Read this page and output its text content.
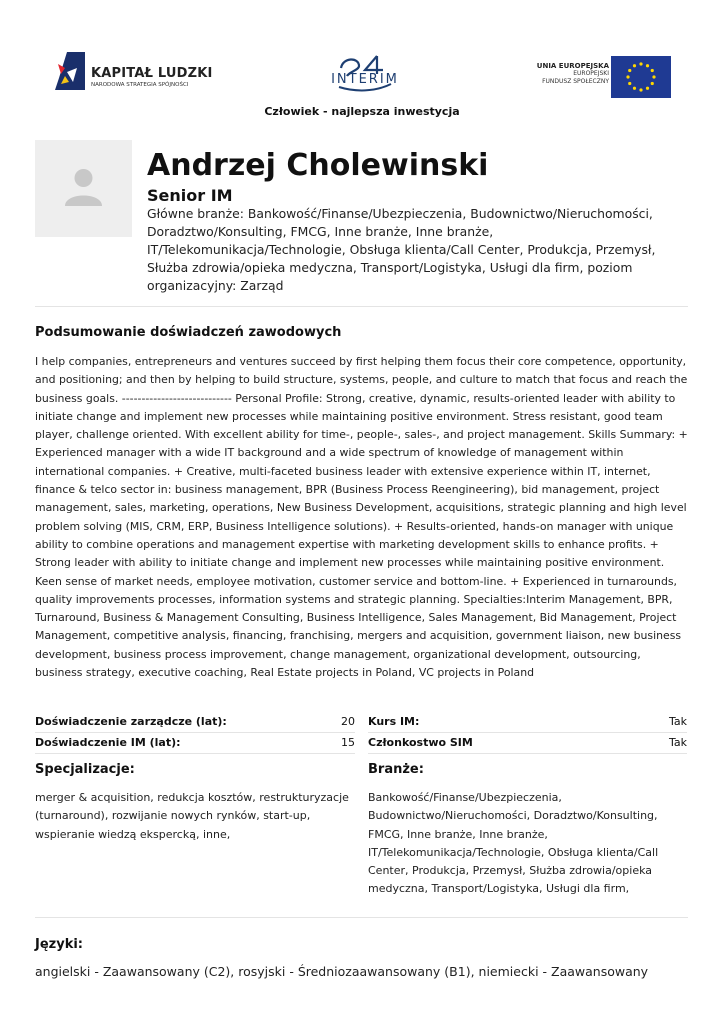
KAPITAŁ LUDZKI
NARODOWA STRATEGIA SPÓJNOŚCI	INTERIM
UNIA EUROPEJSKA
EUROPEJSKI
FUNDUSZ SPOŁECZNY
Człowiek - najlepsza inwestycja
Andrzej Cholewinski
Senior IM
Główne branże: Bankowość/Finanse/Ubezpieczenia, Budownictwo/Nieruchomości, Doradztwo/Konsulting, FMCG, Inne branże, Inne branże, IT/Telekomunikacja/Technologie, Obsługa klienta/Call Center, Produkcja, Przemysł, Służba zdrowia/opieka medyczna, Transport/Logistyka, Usługi dla firm, poziom organizacyjny: Zarząd
Podsumowanie doświadczeń zawodowych
I help companies, entrepreneurs and ventures succeed by first helping them focus their core competence, opportunity, and positioning; and then by helping to build structure, systems, people, and culture to match that focus and reach the business goals. ---------------------------- Personal Profile: Strong, creative, dynamic, results-oriented leader with ability to initiate change and implement new processes while maintaining positive environment. Stress resistant, good team player, challenge oriented. With excellent ability for time-, people-, sales-, and project management. Skills Summary: + Experienced manager with a wide IT background and a wide spectrum of knowledge of management within international companies. + Creative, multi-faceted business leader with extensive experience within IT, internet, finance & telco sector in: business management, BPR (Business Process Reengineering), bid management, project management, sales, marketing, operations, New Business Development, acquisitions, strategic planning and high level problem solving (MIS, CRM, ERP, Business Intelligence solutions). + Results-oriented, hands-on manager with unique ability to combine operations and management expertise with marketing development skills to enhance profits. + Strong leader with ability to initiate change and implement new processes while maintaining positive environment. Keen sense of market needs, employee motivation, customer service and bottom-line. + Experienced in turnarounds, quality improvements processes, information systems and strategic planning. Specialties:Interim Management, BPR, Turnaround, Business & Management Consulting, Business Intelligence, Sales Management, Bid Management, Project Management, competitive analysis, financing, franchising, mergers and acquisition, government liaison, new business development, business process improvement, change management, organizational development, outsourcing, business strategy, executive coaching, Real Estate projects in Poland, VC projects in Poland
Doświadczenie zarządcze (lat):	20
Doświadczenie IM (lat):	15
Kurs IM:	Tak
Członkostwo SIM	Tak
Specjalizacje:
merger & acquisition, redukcja kosztów, restrukturyzacje (turnaround), rozwijanie nowych rynków, start-up, wspieranie wiedzą ekspercką, inne,
Branże:
Bankowość/Finanse/Ubezpieczenia, Budownictwo/Nieruchomości, Doradztwo/Konsulting, FMCG, Inne branże, Inne branże, IT/Telekomunikacja/Technologie, Obsługa klienta/Call Center, Produkcja, Przemysł, Służba zdrowia/opieka medyczna, Transport/Logistyka, Usługi dla firm,
Języki:
angielski - Zaawansowany (C2), rosyjski - Średniozaawansowany (B1), niemiecki - Zaawansowany
